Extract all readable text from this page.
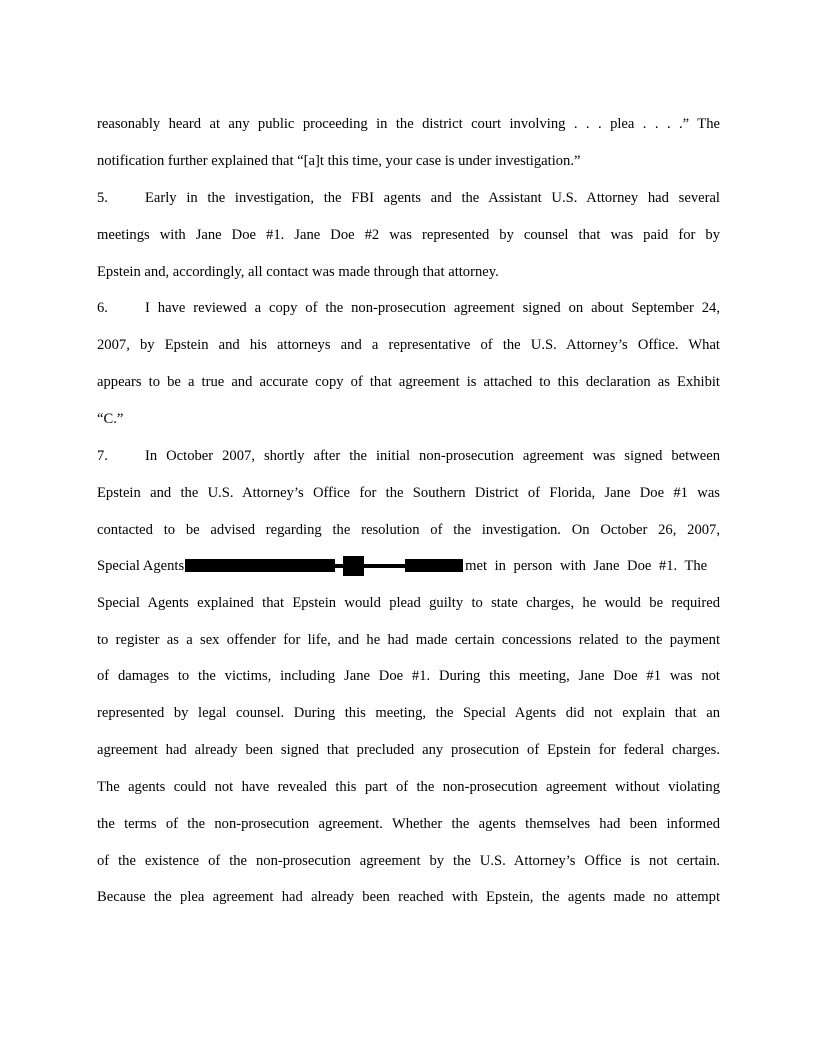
reasonably heard at any public proceeding in the district court involving . . . plea . . . .” The
notification further explained that “[a]t this time, your case is under investigation.”
5.	Early in the investigation, the FBI agents and the Assistant U.S. Attorney had several
meetings with Jane Doe #1. Jane Doe #2 was represented by counsel that was paid for by
Epstein and, accordingly, all contact was made through that attorney.
6.	I have reviewed a copy of the non-prosecution agreement signed on about September 24,
2007, by Epstein and his attorneys and a representative of the U.S. Attorney’s Office. What
appears to be a true and accurate copy of that agreement is attached to this declaration as Exhibit
“C.”
7.	In October 2007, shortly after the initial non-prosecution agreement was signed between
Epstein and the U.S. Attorney’s Office for the Southern District of Florida, Jane Doe #1 was
contacted to be advised regarding the resolution of the investigation. On October 26, 2007,
Special Agents	met in person with Jane Doe #1. The
Special Agents explained that Epstein would plead guilty to state charges, he would be required
to register as a sex offender for life, and he had made certain concessions related to the payment
of damages to the victims, including Jane Doe #1. During this meeting, Jane Doe #1 was not
represented by legal counsel. During this meeting, the Special Agents did not explain that an
agreement had already been signed that precluded any prosecution of Epstein for federal charges.
The agents could not have revealed this part of the non-prosecution agreement without violating
the terms of the non-prosecution agreement. Whether the agents themselves had been informed
of the existence of the non-prosecution agreement by the U.S. Attorney’s Office is not certain.
Because the plea agreement had already been reached with Epstein, the agents made no attempt
and
